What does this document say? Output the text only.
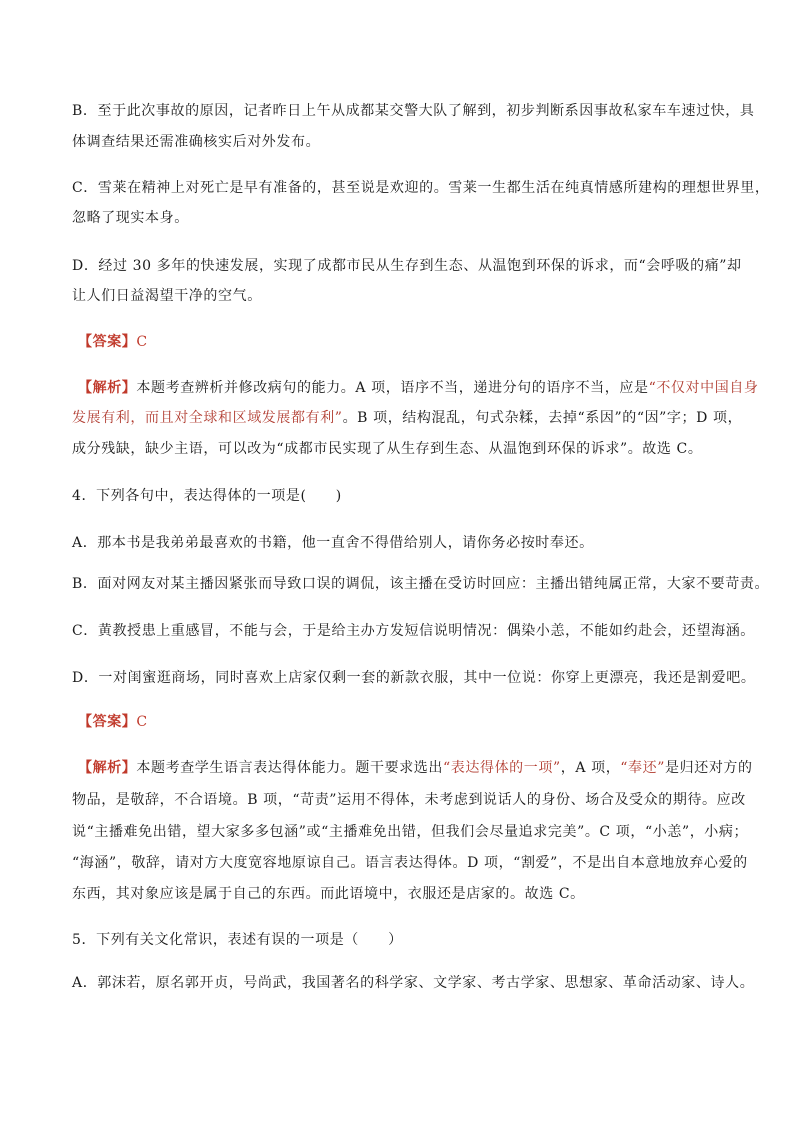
B．至于此次事故的原因，记者昨日上午从成都某交警大队了解到，初步判断系因事故私家车车速过快，具
体调查结果还需准确核实后对外发布。
C．雪莱在精神上对死亡是早有准备的，甚至说是欢迎的。雪莱一生都生活在纯真情感所建构的理想世界里，
忽略了现实本身。
D．经过 30 多年的快速发展，实现了成都市民从生存到生态、从温饱到环保的诉求，而“会呼吸的痛”却
让人们日益渴望干净的空气。
【答案】C
【解析】本题考查辨析并修改病句的能力。A 项，语序不当，递进分句的语序不当，应是“不仅对中国自身
发展有利，而且对全球和区域发展都有利”。B 项，结构混乱，句式杂糅，去掉“系因”的“因”字；D 项，
成分残缺，缺少主语，可以改为“成都市民实现了从生存到生态、从温饱到环保的诉求”。故选 C。
4．下列各句中，表达得体的一项是(　　)
A．那本书是我弟弟最喜欢的书籍，他一直舍不得借给别人，请你务必按时奉还。
B．面对网友对某主播因紧张而导致口误的调侃，该主播在受访时回应：主播出错纯属正常，大家不要苛责。
C．黄教授患上重感冒，不能与会，于是给主办方发短信说明情况：偶染小恙，不能如约赴会，还望海涵。
D．一对闺蜜逛商场，同时喜欢上店家仅剩一套的新款衣服，其中一位说：你穿上更漂亮，我还是割爱吧。
【答案】C
【解析】本题考查学生语言表达得体能力。题干要求选出“表达得体的一项”，A 项，“奉还”是归还对方的
物品，是敬辞，不合语境。B 项，“苛责”运用不得体，未考虑到说话人的身份、场合及受众的期待。应改
说“主播难免出错，望大家多多包涵”或“主播难免出错，但我们会尽量追求完美”。C 项，“小恙”，小病；
“海涵”，敬辞，请对方大度宽容地原谅自己。语言表达得体。D 项，“割爱”，不是出自本意地放弃心爱的
东西，其对象应该是属于自己的东西。而此语境中，衣服还是店家的。故选 C。
5．下列有关文化常识，表述有误的一项是（　　）
A．郭沫若，原名郭开贞，号尚武，我国著名的科学家、文学家、考古学家、思想家、革命活动家、诗人。
